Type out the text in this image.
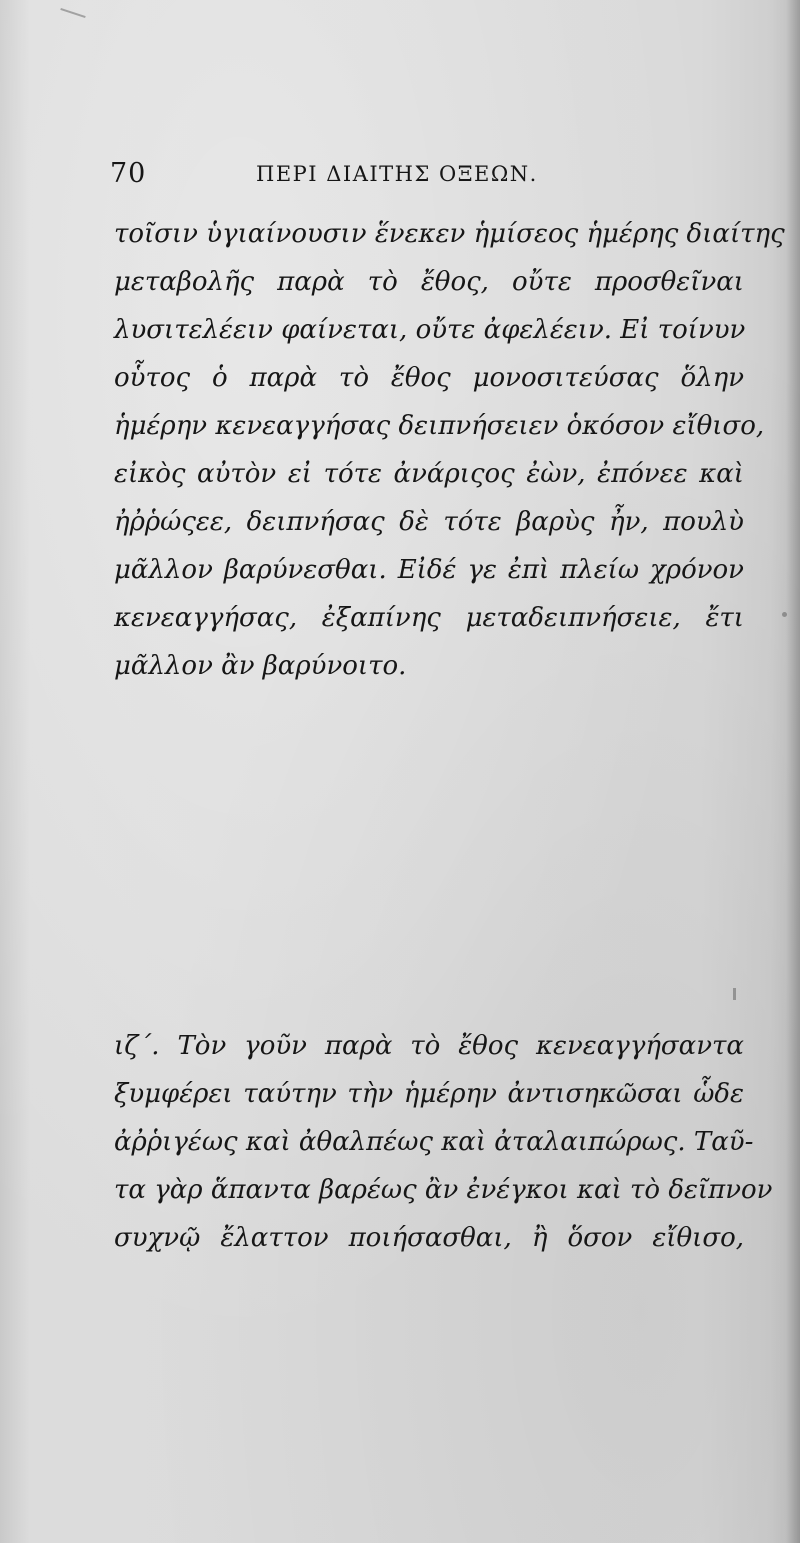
70	ΠΕΡΙ ΔΙΑΙΤΗΣ ΟΞΕΩΝ.
τοῖσιν ὑγιαίνουσιν ἕνεκεν ἡμίσεος ἡμέρης διαίτης
μεταβολῆς παρὰ τὸ ἔθος, οὔτε προσθεῖναι
λυσιτελέειν φαίνεται, οὔτε ἀφελέειν. Εἰ τοίνυν
οὗτος ὁ παρὰ τὸ ἔθος μονοσιτεύσας ὅλην
ἡμέρην κενεαγγήσας δειπνήσειεν ὁκόσον εἴθισο,
εἰκὸς αὐτὸν εἰ τότε ἀνάριςος ἐὼν, ἐπόνεε καὶ
ἠῤῥώςεε, δειπνήσας δὲ τότε βαρὺς ἦν, πουλὺ
μᾶλλον βαρύνεσθαι. Εἰδέ γε ἐπὶ πλείω χρόνον
κενεαγγήσας, ἐξαπίνης μεταδειπνήσειε, ἔτι
μᾶλλον ἂν βαρύνοιτο.
ιζ΄. Τὸν γοῦν παρὰ τὸ ἔθος κενεαγγήσαντα
ξυμφέρει ταύτην τὴν ἡμέρην ἀντισηκῶσαι ὧδε
ἀῤῥιγέως καὶ ἀθαλπέως καὶ ἀταλαιπώρως. Ταῦ-
τα γὰρ ἅπαντα βαρέως ἂν ἐνέγκοι καὶ τὸ δεῖπνον
συχνῷ ἔλαττον ποιήσασθαι, ἢ ὅσον εἴθισο,
